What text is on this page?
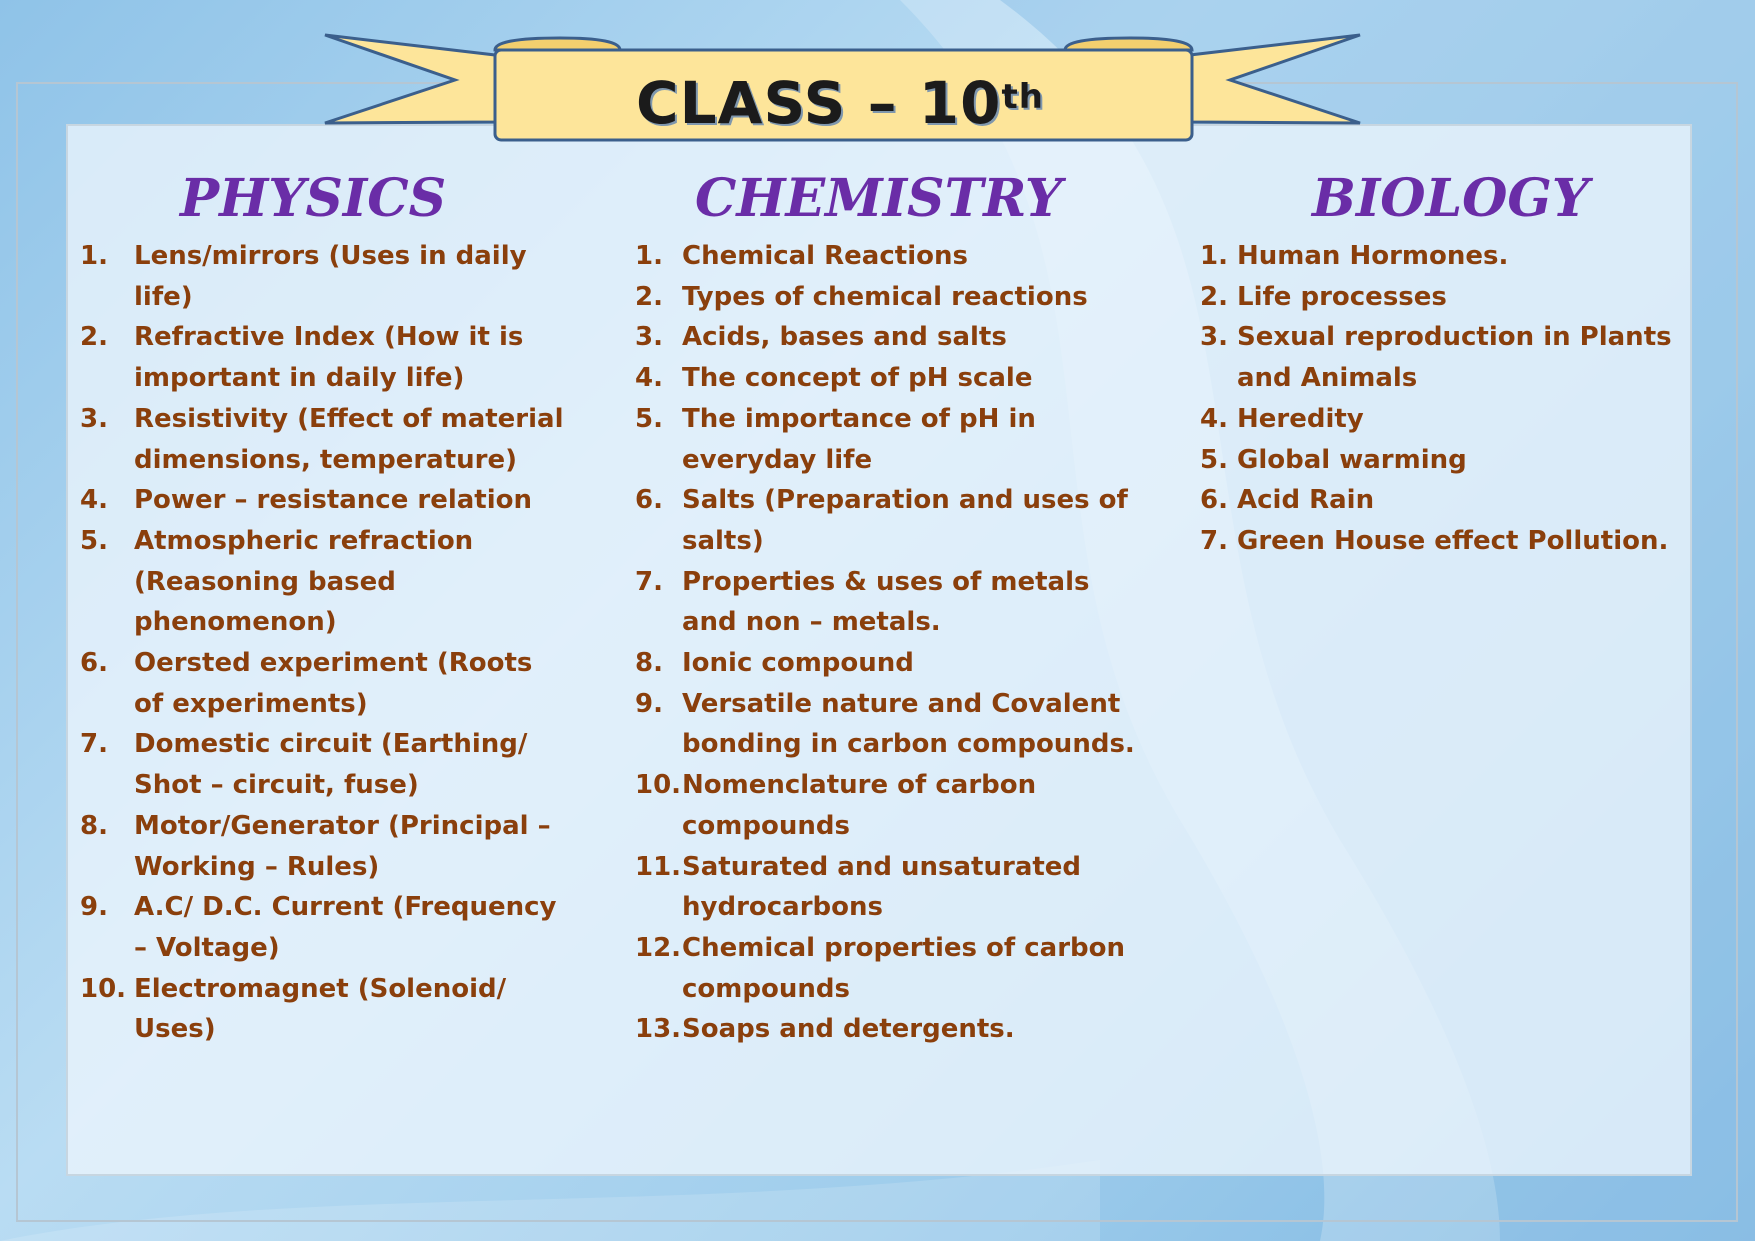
CLASS – 10th
PHYSICS
1.	Lens/mirrors (Uses in daily life)
2.	Refractive Index (How it is important in daily life)
3.	Resistivity (Effect of material dimensions, temperature)
4.	Power – resistance relation
5.	Atmospheric refraction (Reasoning based phenomenon)
6.	Oersted experiment (Roots of experiments)
7.	Domestic circuit (Earthing/ Shot – circuit, fuse)
8.	Motor/Generator (Principal – Working – Rules)
9.	A.C/ D.C. Current (Frequency – Voltage)
10. Electromagnet (Solenoid/ Uses)
CHEMISTRY
1. Chemical Reactions
2. Types of chemical reactions
3. Acids, bases and salts
4. The concept of pH scale
5. The importance of pH in everyday life
6. Salts (Preparation and uses of salts)
7. Properties & uses of metals and non – metals.
8. Ionic compound
9. Versatile nature and Covalent bonding in carbon compounds.
10. Nomenclature of carbon compounds
11. Saturated and unsaturated hydrocarbons
12. Chemical properties of carbon compounds
13. Soaps and detergents.
BIOLOGY
1. Human Hormones.
2. Life processes
3. Sexual reproduction in Plants and Animals
4. Heredity
5. Global warming
6. Acid Rain
7. Green House effect Pollution.
